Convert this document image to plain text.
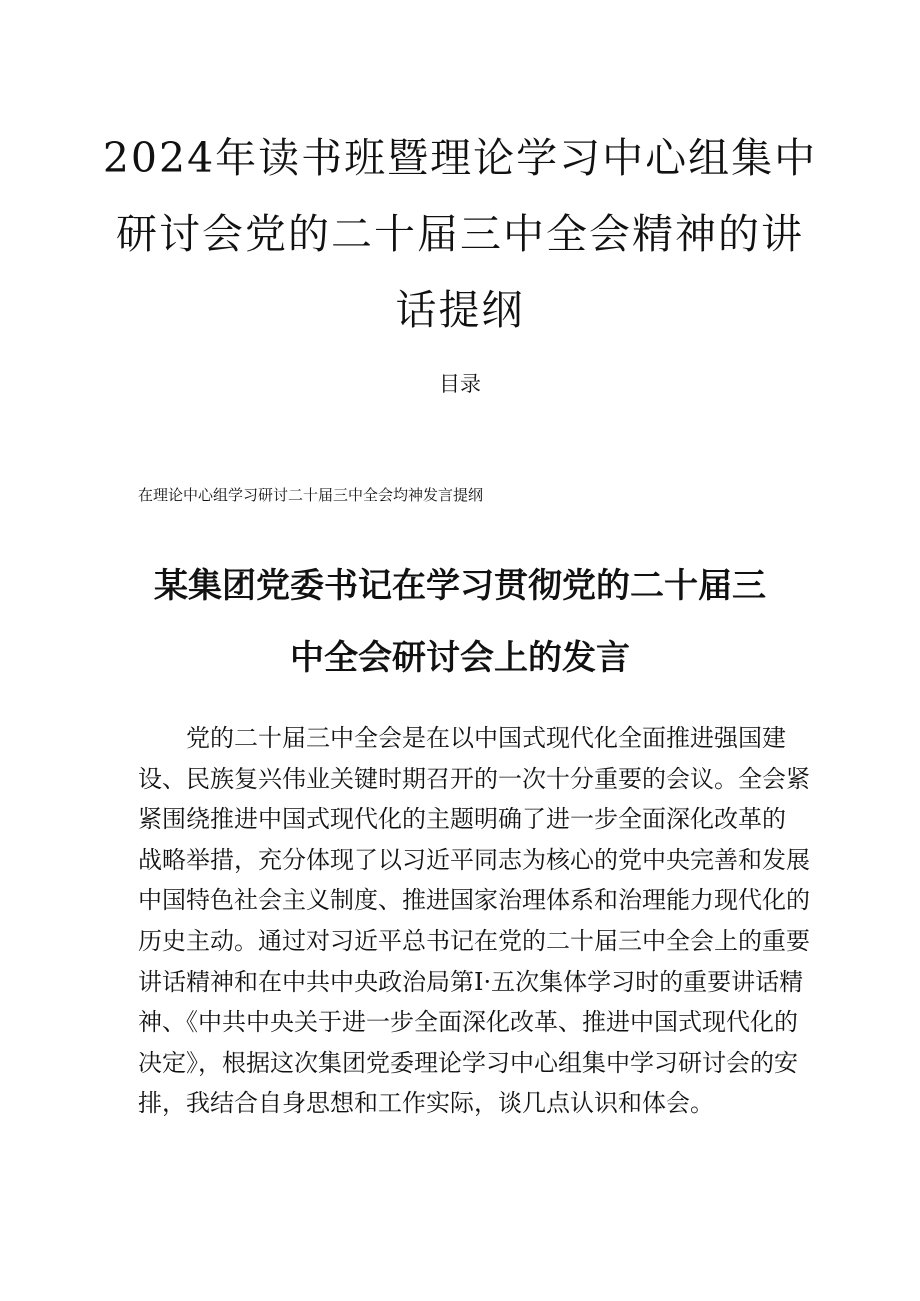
2024年读书班暨理论学习中心组集中
研讨会党的二十届三中全会精神的讲
话提纲
目录
在理论中心组学习研讨二十届三中全会均神发言提纲
某集团党委书记在学习贯彻党的二十届三
中全会研讨会上的发言
党的二十届三中全会是在以中国式现代化全面推进强国建
设、民族复兴伟业关键时期召开的一次十分重要的会议。全会紧
紧围绕推进中国式现代化的主题明确了进一步全面深化改革的
战略举措，充分体现了以习近平同志为核心的党中央完善和发展
中国特色社会主义制度、推进国家治理体系和治理能力现代化的
历史主动。通过对习近平总书记在党的二十届三中全会上的重要
讲话精神和在中共中央政治局第I·五次集体学习时的重要讲话精
神、《中共中央关于进一步全面深化改革、推进中国式现代化的
决定》，根据这次集团党委理论学习中心组集中学习研讨会的安
排，我结合自身思想和工作实际，谈几点认识和体会。
